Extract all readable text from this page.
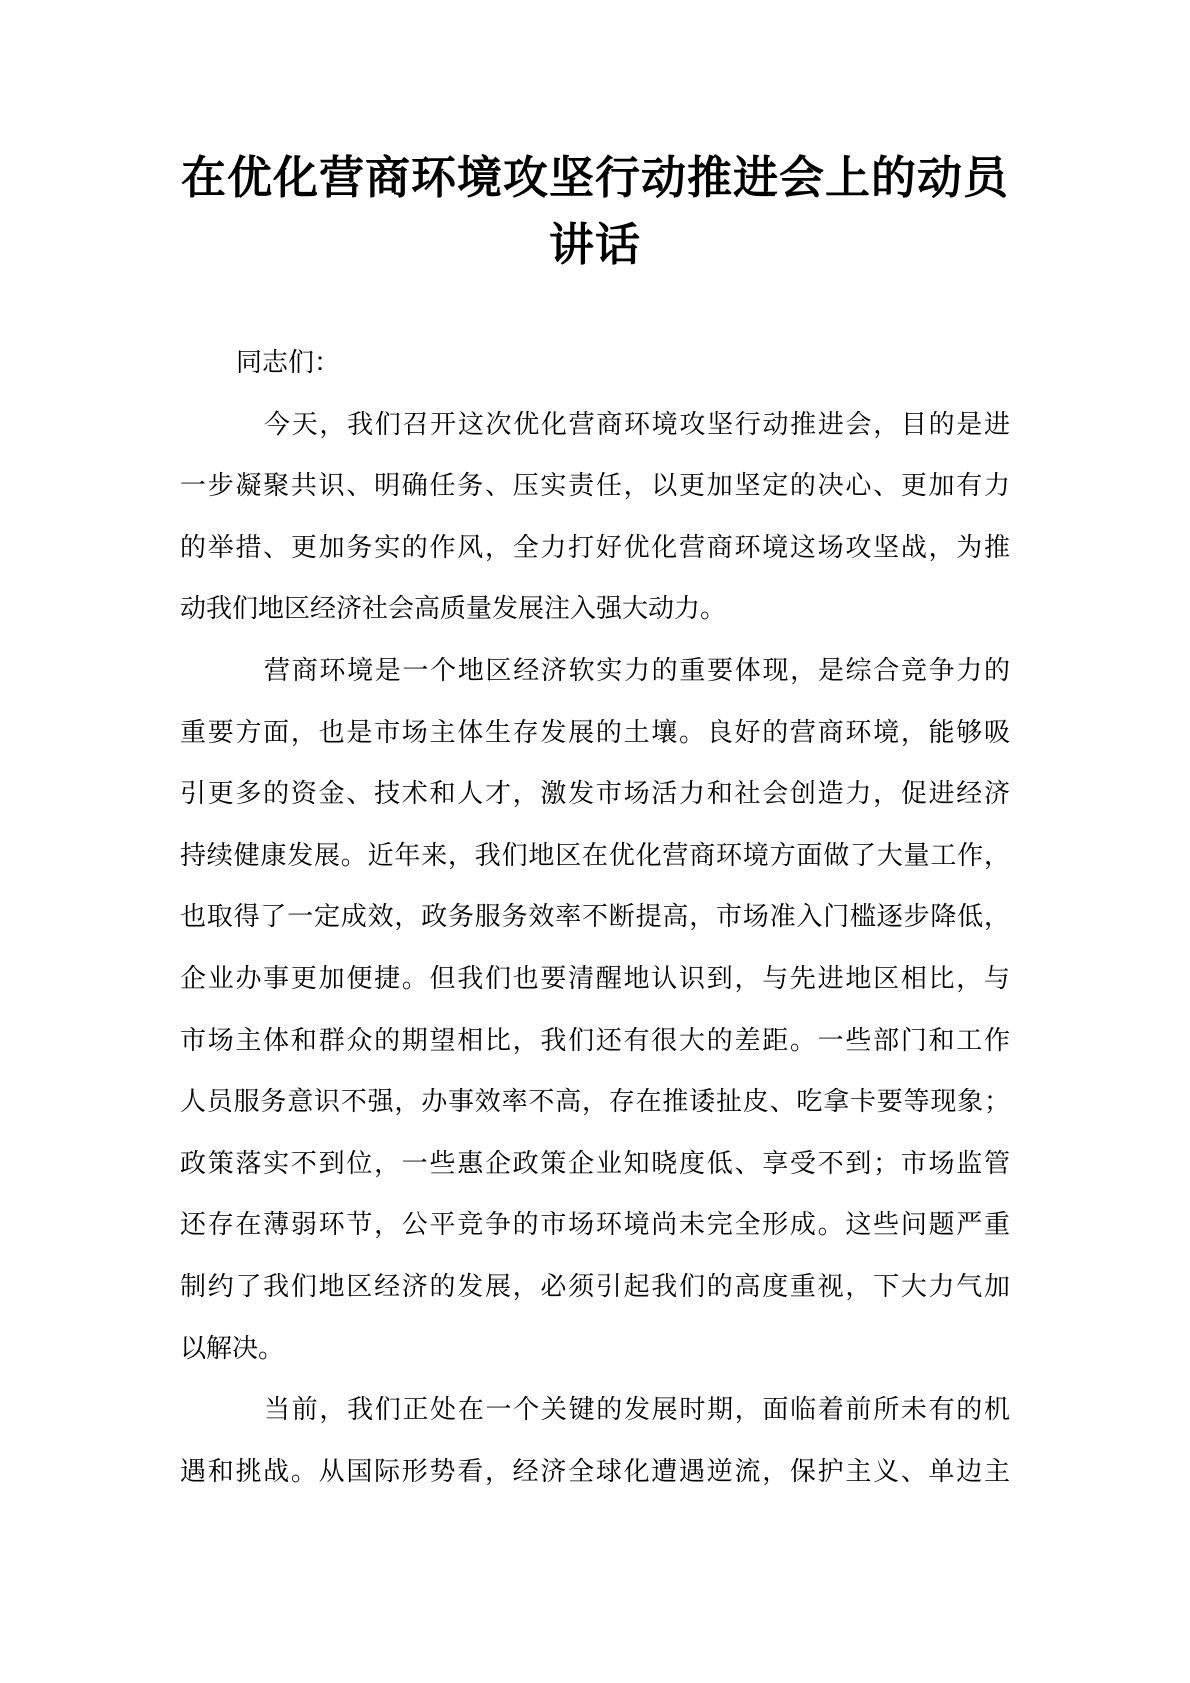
在优化营商环境攻坚行动推进会上的动员
讲话
同志们：
今天，我们召开这次优化营商环境攻坚行动推进会，目的是进
一步凝聚共识、明确任务、压实责任，以更加坚定的决心、更加有力
的举措、更加务实的作风，全力打好优化营商环境这场攻坚战，为推
动我们地区经济社会高质量发展注入强大动力。
营商环境是一个地区经济软实力的重要体现，是综合竞争力的
重要方面，也是市场主体生存发展的土壤。良好的营商环境，能够吸
引更多的资金、技术和人才，激发市场活力和社会创造力，促进经济
持续健康发展。近年来，我们地区在优化营商环境方面做了大量工作，
也取得了一定成效，政务服务效率不断提高，市场准入门槛逐步降低，
企业办事更加便捷。但我们也要清醒地认识到，与先进地区相比，与
市场主体和群众的期望相比，我们还有很大的差距。一些部门和工作
人员服务意识不强，办事效率不高，存在推诿扯皮、吃拿卡要等现象；
政策落实不到位，一些惠企政策企业知晓度低、享受不到；市场监管
还存在薄弱环节，公平竞争的市场环境尚未完全形成。这些问题严重
制约了我们地区经济的发展，必须引起我们的高度重视，下大力气加
以解决。
当前，我们正处在一个关键的发展时期，面临着前所未有的机
遇和挑战。从国际形势看，经济全球化遭遇逆流，保护主义、单边主
